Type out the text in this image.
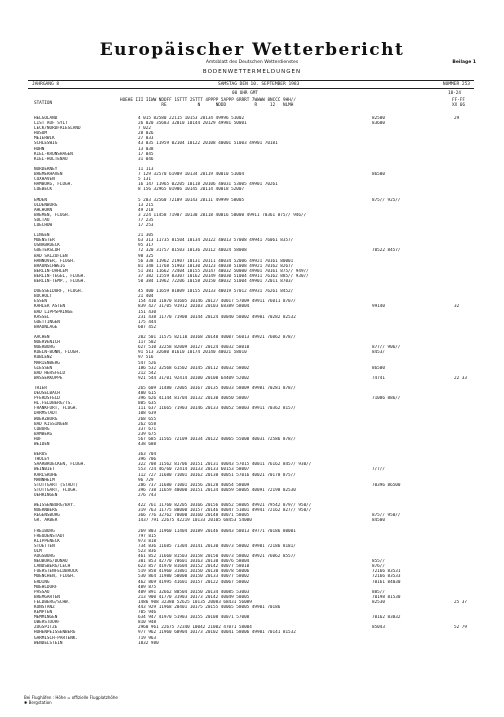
Europäischer Wetterbericht
Amtsblatt des Deutschen Wetterdienstes	Beilage 1
BODENWETTERMELDUNGEN
JAHRGANG 8	SAMSTAG DEN 10. SEPTEMBER 1983	NUMMER 253
00 UHR GMT	18-24
STATION
HOEHE III IIWW NDDFF 1STTT 2STTT 4PPPP 5APPP 6RRRT 7WWWW 8NCCC 9HH//
RE            N      NDDD           R     12   NLMH
FF-FF
XX 66
HELGOLAND	4 015 82580 22115 10153 20134 49996 51002	82500	29
LIST AUF SYLT	26 020 35683 32010 10144 20129 49981 50001	83600
LECK/NORDFRIESLAND	7 022
HUSUM	28 026
MEIERWIK	27 033
SCHLESWIG	43 035 11959 02104 10122 20108 40001 51003 49901 70181
HOHN	13 038
KIEL-KRONSHAGEN	17 045
KIEL-HOLTENAU	31 046
NORDERNEY	11 113
BREMERHAVEN	7 129 32570 61909 10134 20119 40010 51004	86500
CUXHAVEN	5 131
HAMBURG, FLUGH.	16 147 11965 02205 10118 20106 40031 53005 49901 70261
LUEBECK	8 156 32965 01906 10145 20114 40018 52007
EMDEN	5 203 32560 72109 10143 20111 49999 58005	875// 925//
OLDENBURG	13 215
AHLHORN	49 218
BREMEN, FLUGH.	3 224 11458 71907 10130 20118 40016 50000 49911 70361 875// 946//
SOLTAU	77 235
LUECHOW	17 253
LINGEN	21 305
MUENSTER	63 313 11735 81504 10134 20122 40013 57008 49941 76061 8357/
OSNABRUECK	95 317
GUETERSLOH	72 320 31757 81503 10136 20112 40024 58008	70522 8457/
BAD SALZUFLEN	98 325
HANNOVER, FLUGH.	56 338 11962 21907 10131 20111 40034 52006 49921 70161 80001
BRAUNSCHWEIG	81 348 11768 51903 10130 20123 40038 51008 49921 70162 8267/
BERLIN-DAHLEM	51 381 11662 72404 10155 20147 40032 50000 49901 70161 875// 949//
BERLIN-TEGEL, FLUGH.	37 382 11559 83307 10162 20149 40030 51004 49911 76162 885// 930//
BERLIN-TEMP., FLUGH.	50 384 11962 72206 10158 20150 40032 51004 49901 72011 8703/
DUESSELDORF, FLUGH.	45 400 11659 81809 10155 20133 40019 57012 49931 76261 8452/
BOCHOLT	21 404
ESSEN	154 410 11870 81605 10146 20127 40017 57009 49911 76011 8707/
KAHLER ASTEN	839 427 31/05 91912 10103 20103 68389 58004	99140	32
BAD LIPPSPRINGE	151 430
KASSEL	231 438 11770 71908 10144 20124 40040 58002 49901 70282 82532
GOETTINGEN	175 444
BRAUNLAGE	607 452
AACHEN	202 501 11575 82110 10168 20140 40007 56013 49921 76062 878//
NOERVENICH	117 502
NUERBURG	627 510 32258 82009 10127 20124 40032 58010	877// 906//
KOELN-BONN, FLUGH.	91 513 32680 81610 10174 20140 40021 58010	8453/
KOBLENZ	97 516
MARIENBERG	547 526
GIESSEN	186 532 32568 61502 10145 20112 40032 58002	86500
BAD HERSFELD	212 542
WASSERKUPPE	921 544 31/01 92414 10100 20100 64409 52002	74741	22 33
TRIER	265 609 11480 72005 10167 20135 40033 58009 49981 70281 878//
DEUSELBACH	480 615
PFERDSFELD	396 626 41144 81704 10132 20130 40050 58007	71086 886//
HL.FELDBERG/TS.	805 635
FRANKFURT, FLUGH.	111 637 11665 71903 10146 20133 40052 58003 49911 70362 8157/
DARMSTADT	108 639
WUERZBURG	268 655
BAD KISSINGEN	262 658
COBURG	337 671
BAMBERG	239 675
HOF	567 685 11565 72109 10134 20122 40065 55000 40031 72586 878//
WEIDEN	438 688
BERUS	363 704
THOLEY	396 706
SAARBRUECKEN, FLUGH.	322 708 11562 81706 10151 20131 40043 57015 40011 76162 8457/ 930//
WEINBIET	553 724 46/60 72414 10133 20133 60153 58007	7/7//
KARLSRUHE	112 727 11680 71001 10162 20130 40051 57016 40021 70178 875//
MANNHEIM	96 729
STUTTGART (STADT)	286 737 11680 71001 10156 20128 40054 58009	70396 86500
STUTTGART, FLUGH.	396 738 11659 40000 10151 20134 40059 58005 40091 72198 82530
OEHRINGEN	276 743
WEISSENBURG/BAY.	422 761 11760 82205 10166 20156 40052 58005 49921 79542 879// 950//
NUERNBERG	319 763 11775 80000 10157 20146 40047 51001 49941 72162 827// 950//
REGENSBURG	366 776 32762 70000 10160 20148 40071 58005	875// 950//
GR. ARBER	1437 791 22675 42219 10133 20105 68453 54000	84500
FREIBURG	269 803 11960 11404 10189 20146 40043 58013 49771 70186 80001
FREUDENSTADT	797 815
KLIPPENECK	973 818
STOETTEN	734 836 11685 71304 10141 20130 40073 58002 49981 72186 8181/
ULM	523 836
AUGSBURG	461 852 11660 81503 10158 20150 40073 58002 49921 76062 8557/
NEUBURG/DONAU	381 853 42770 70601 10163 20130 40076 58004	855//
LANDSBERG/LECH	623 857 41970 81604 10152 20142 40077 58010	876//
FUERSTENFELDBRUCK	519 858 41960 31801 10150 20130 40078 58006	72166 83531
MUENCHEN, FLUGH.	530 864 11980 50000 10150 20133 40077 58002	72166 83533
ERDING	462 869 41995 41601 10157 20122 40067 58002	70161 84030
MUEHLDORF	409 875
PASSAU	409 891 32662 80504 10150 20134 40085 53003	885//
BREMGARTEN	213 900 41770 31903 10173 20142 40049 58005	70198 81530
FELDBERG/SCHW.	1486 908 32380 52625 10135 20083 68431 56009	82530	25 37
KONSTANZ	443 929 11968 20401 10175 20155 40065 58005 49901 70186
KEMPTEN	705 946
MEMMINGEN	634 947 41970 51903 10155 20108 40071 57008	70162 83032
OBERSTDORF	810 948
ZUGSPITZE	2960 961 22675 72340 10042 21002 47071 58004	85043	52 79
HOHENPEISSENBERG	977 962 11960 60904 10173 20102 40041 58006 49901 70141 81532
GARMISCH-PARTENK.	719 963
WENDELSTEIN	1832 980
Bei Flughäfen : Höhe = offizielle Flugplatzhöhe
✱ Bergstation
